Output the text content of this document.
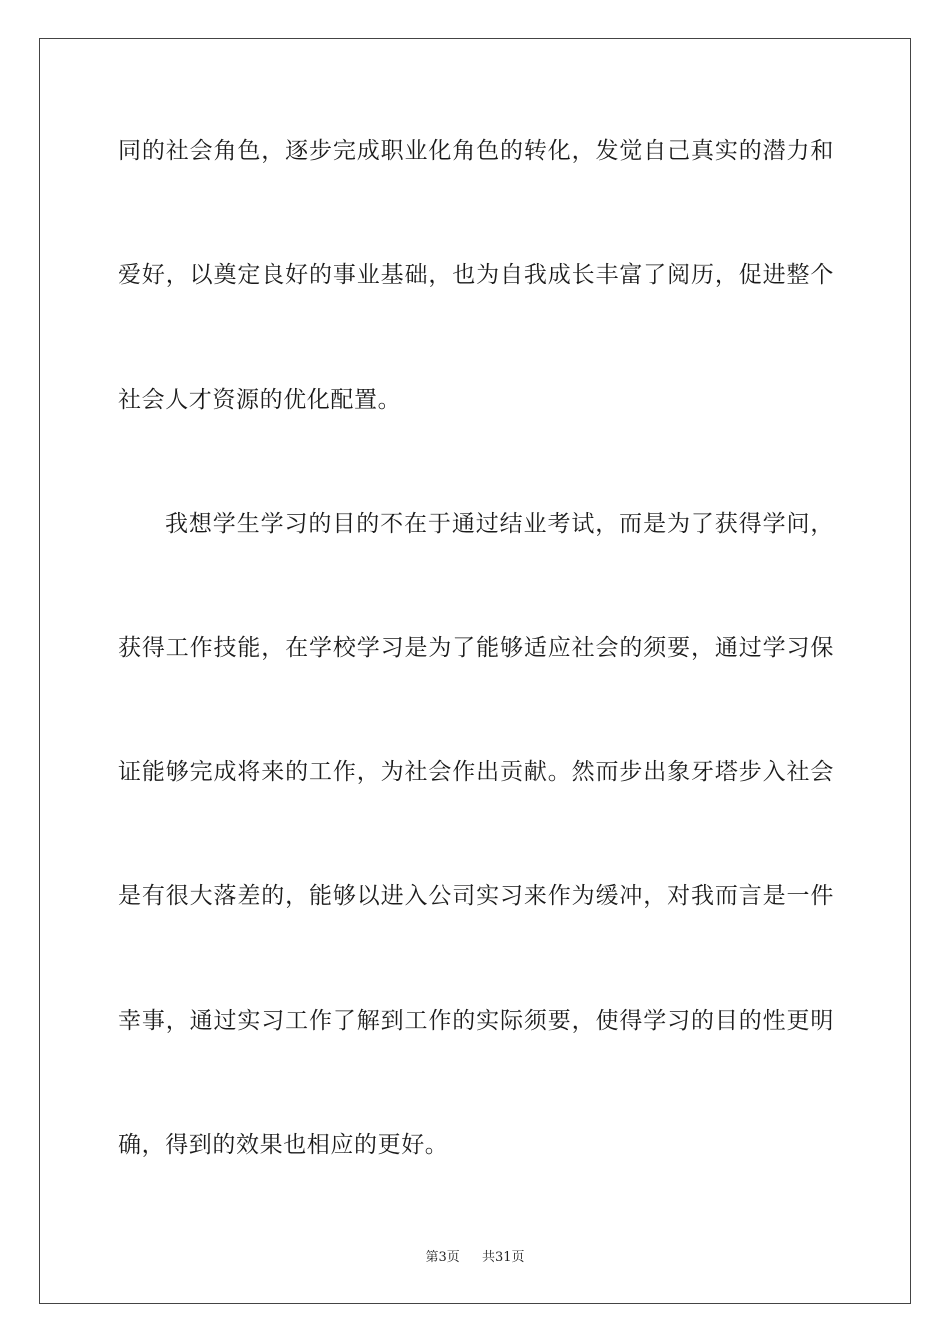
同的社会角色，逐步完成职业化角色的转化，发觉自己真实的潜力和
爱好，以奠定良好的事业基础，也为自我成长丰富了阅历，促进整个
社会人才资源的优化配置。
我想学生学习的目的不在于通过结业考试，而是为了获得学问，
获得工作技能，在学校学习是为了能够适应社会的须要，通过学习保
证能够完成将来的工作，为社会作出贡献。然而步出象牙塔步入社会
是有很大落差的，能够以进入公司实习来作为缓冲，对我而言是一件
幸事，通过实习工作了解到工作的实际须要，使得学习的目的性更明
确，得到的效果也相应的更好。
第3页 共31页
